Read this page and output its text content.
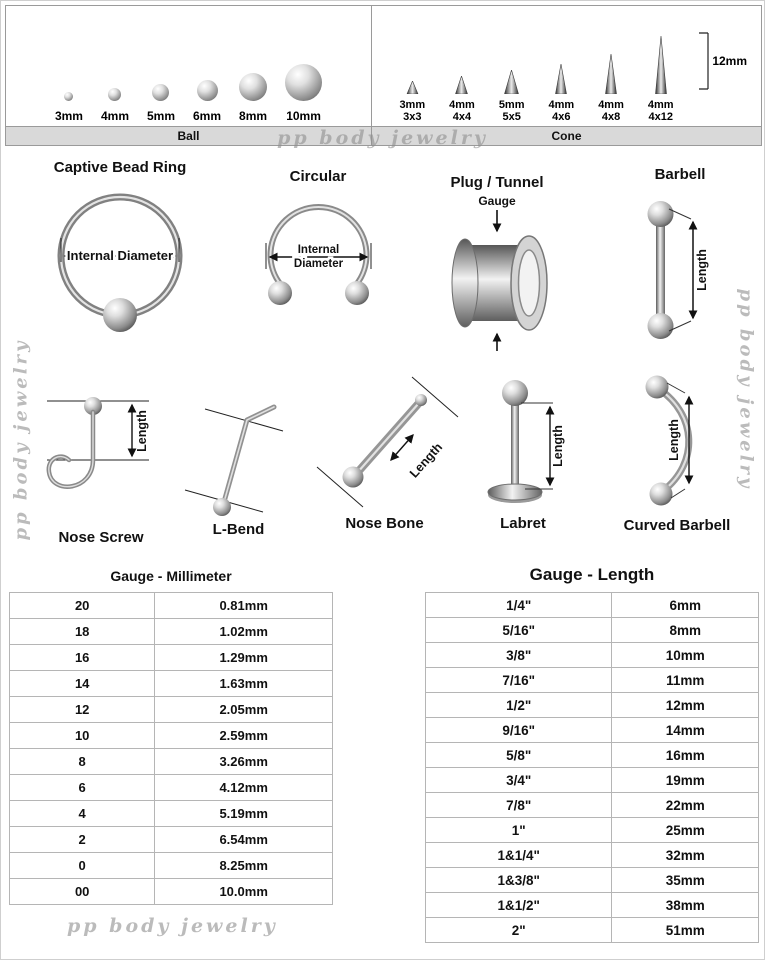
3mm 4mm 5mm 6mm 8mm 10mm
Ball
3mm
3x3
4mm
4x4
5mm
5x5
4mm
4x6
4mm
4x8
4mm
4x12
12mm
Cone
Captive Bead Ring
Internal Diameter
Circular
Internal
Diameter
Plug / Tunnel
Gauge
Barbell
Length
Length
Nose Screw	L-Bend
Length
Nose Bone
Length
Labret
Length
Curved Barbell
Gauge - Millimeter
20	0.81mm
18	1.02mm
16	1.29mm
14	1.63mm
12	2.05mm
10	2.59mm
8	3.26mm
6	4.12mm
4	5.19mm
2	6.54mm
0	8.25mm
00	10.0mm
Gauge - Length
1/4"	6mm
5/16"	8mm
3/8"	10mm
7/16"	11mm
1/2"	12mm
9/16"	14mm
5/8"	16mm
3/4"	19mm
7/8"	22mm
1"	25mm
1&1/4"	32mm
1&3/8"	35mm
1&1/2"	38mm
2"	51mm
pp body jewelry
pp body jewelry	pp body jewelry
pp body jewelry
